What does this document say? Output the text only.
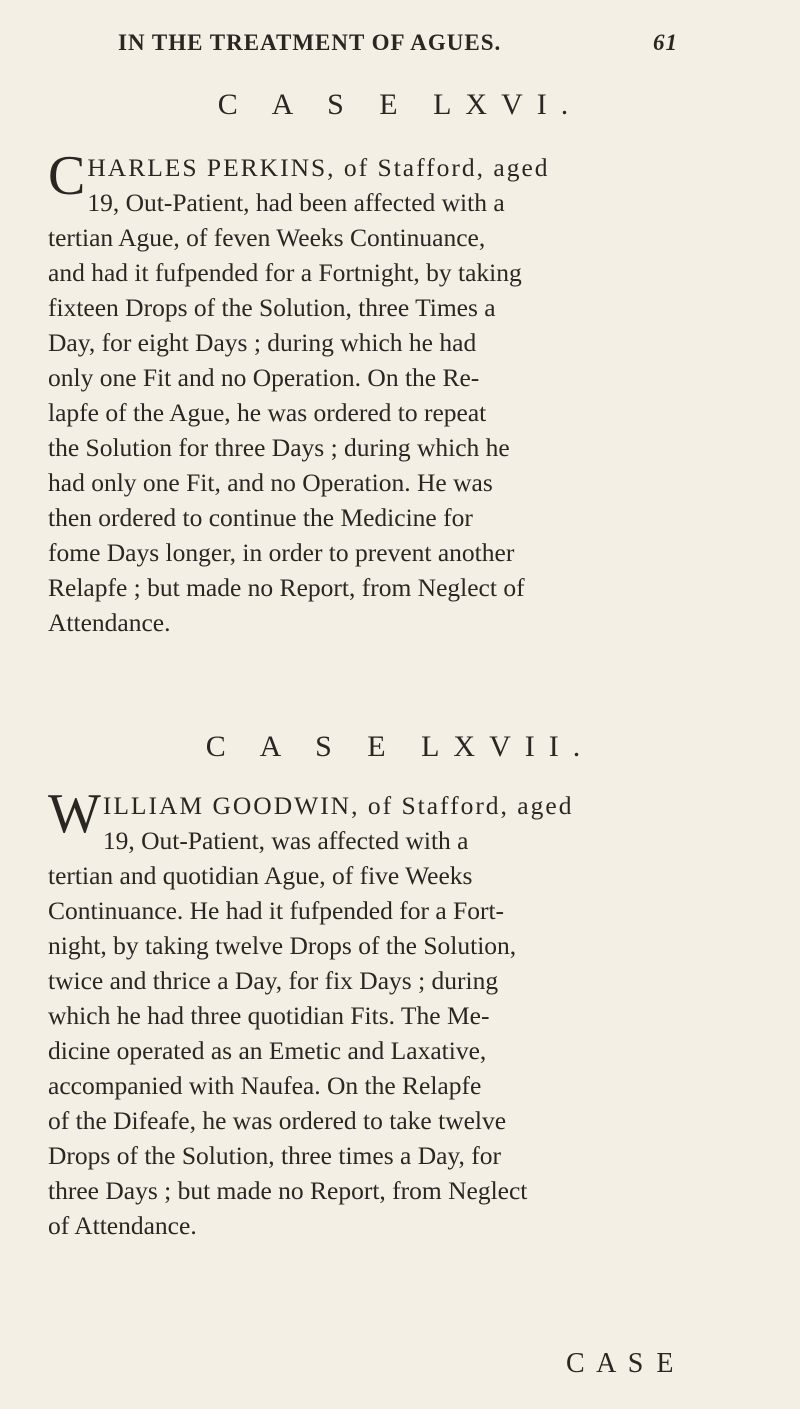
IN THE TREATMENT OF AGUES.	61
C A S E LXVI.
C HARLES PERKINS, of Stafford, aged

19, Out-Patient, had been affected with a

tertian Ague, of feven Weeks Continuance,

and had it fufpended for a Fortnight, by taking

fixteen Drops of the Solution, three Times a

Day, for eight Days ; during which he had

only one Fit and no Operation. On the Re-

lapfe of the Ague, he was ordered to repeat

the Solution for three Days ; during which he

had only one Fit, and no Operation. He was

then ordered to continue the Medicine for

fome Days longer, in order to prevent another

Relapfe ; but made no Report, from Neglect of

Attendance.

C A S E LXVII.
W ILLIAM GOODWIN, of Stafford, aged

19, Out-Patient, was affected with a

tertian and quotidian Ague, of five Weeks

Continuance. He had it fufpended for a Fort-

night, by taking twelve Drops of the Solution,

twice and thrice a Day, for fix Days ; during

which he had three quotidian Fits. The Me-

dicine operated as an Emetic and Laxative,

accompanied with Naufea. On the Relapfe

of the Difeafe, he was ordered to take twelve

Drops of the Solution, three times a Day, for

three Days ; but made no Report, from Neglect

of Attendance.

C A S E
